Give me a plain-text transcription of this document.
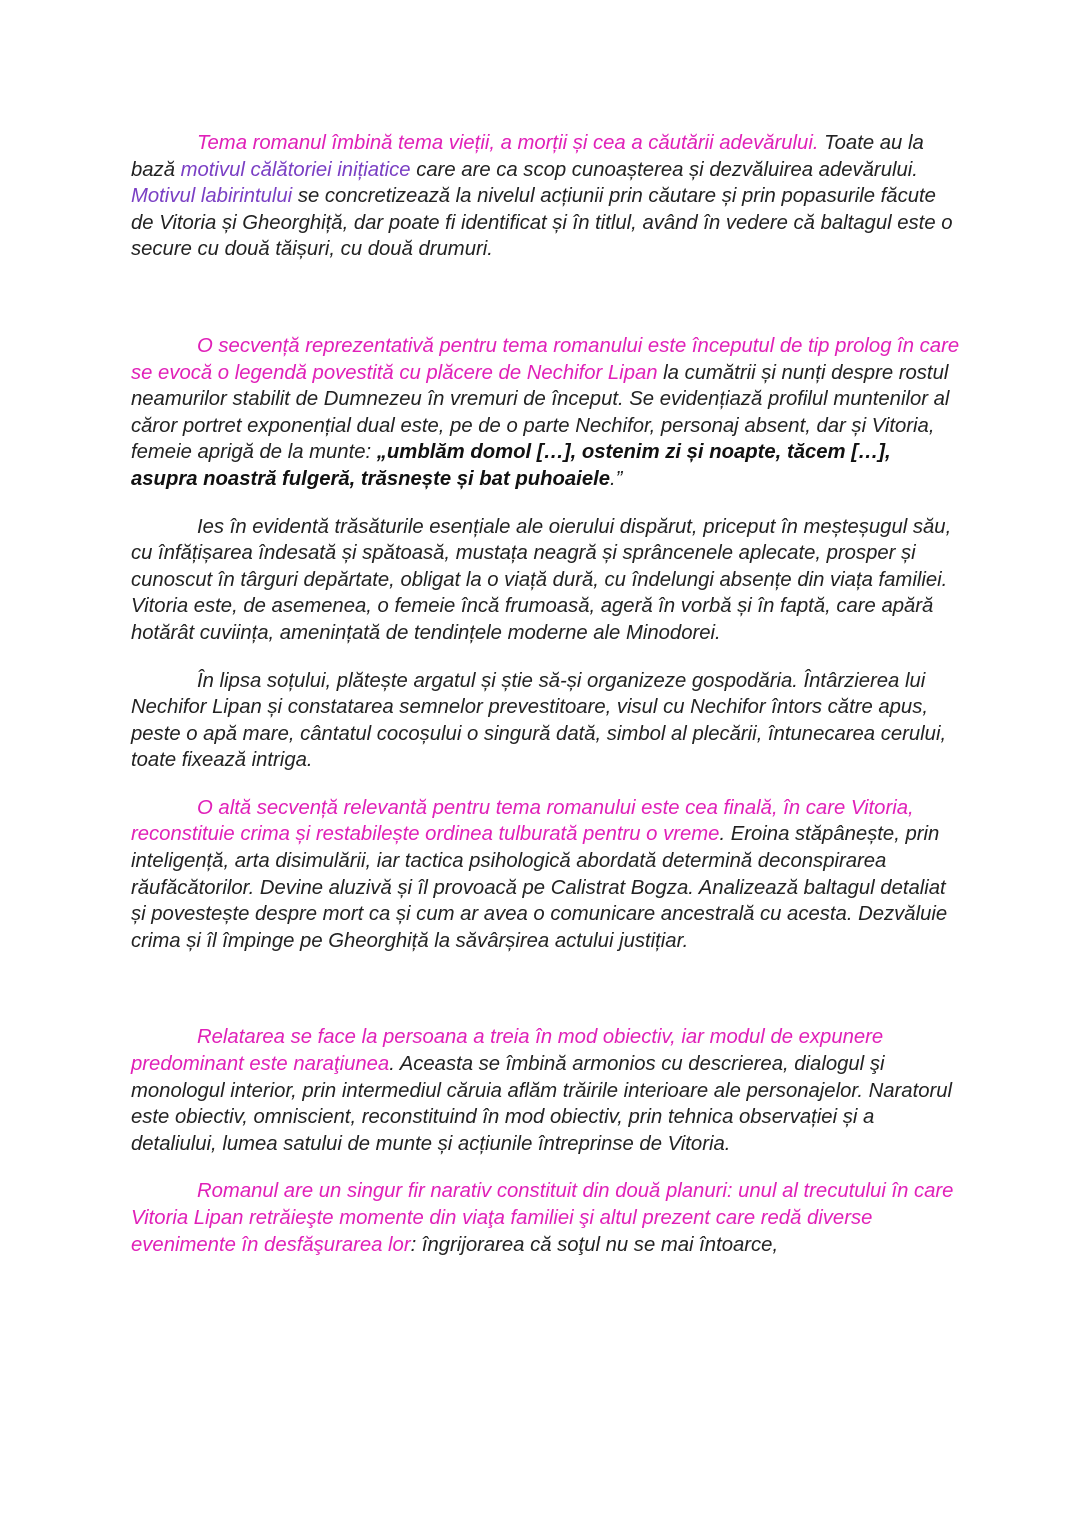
Tema romanul îmbină tema vieții, a morții și cea a căutării adevărului. Toate au la bază motivul călătoriei inițiatice care are ca scop cunoașterea și dezvăluirea adevărului. Motivul labirintului se concretizează la nivelul acțiunii prin căutare și prin popasurile făcute de Vitoria și Gheorghiță, dar poate fi identificat și în titlul, având în vedere că baltagul este o secure cu două tăișuri, cu două drumuri.

O secvență reprezentativă pentru tema romanului este începutul de tip prolog în care se evocă o legendă povestită cu plăcere de Nechifor Lipan la cumătrii și nunți despre rostul neamurilor stabilit de Dumnezeu în vremuri de început. Se evidențiază profilul muntenilor al căror portret exponențial dual este, pe de o parte Nechifor, personaj absent, dar și Vitoria, femeie aprigă de la munte: „umblăm domol […], ostenim zi și noapte, tăcem […], asupra noastră fulgeră, trăsnește și bat puhoaiele.”

Ies în evidentă trăsăturile esențiale ale oierului dispărut, priceput în meșteșugul său, cu înfățișarea îndesată și spătoasă, mustața neagră și sprâncenele aplecate, prosper și cunoscut în târguri depărtate, obligat la o viață dură, cu îndelungi absențe din viața familiei. Vitoria este, de asemenea, o femeie încă frumoasă, ageră în vorbă și în faptă, care apără hotărât cuviința, amenințată de tendințele moderne ale Minodorei.

În lipsa soțului, plătește argatul și știe să-și organizeze gospodăria. Întârzierea lui Nechifor Lipan și constatarea semnelor prevestitoare, visul cu Nechifor întors către apus, peste o apă mare, cântatul cocoșului o singură dată, simbol al plecării, întunecarea cerului, toate fixează intriga.

O altă secvență relevantă pentru tema romanului este cea finală, în care Vitoria, reconstituie crima și restabilește ordinea tulburată pentru o vreme. Eroina stăpânește, prin inteligență, arta disimulării, iar tactica psihologică abordată determină deconspirarea răufăcătorilor. Devine aluzivă și îl provoacă pe Calistrat Bogza. Analizează baltagul detaliat și povestește despre mort ca și cum ar avea o comunicare ancestrală cu acesta. Dezvăluie crima și îl împinge pe Gheorghiță la săvârșirea actului justițiar.

Relatarea se face la persoana a treia în mod obiectiv, iar modul de expunere predominant este naraţiunea. Aceasta se îmbină armonios cu descrierea, dialogul şi monologul interior, prin intermediul căruia aflăm trăirile interioare ale personajelor. Naratorul este obiectiv, omniscient, reconstituind în mod obiectiv, prin tehnica observației și a detaliului, lumea satului de munte și acțiunile întreprinse de Vitoria.

Romanul are un singur fir narativ constituit din două planuri: unul al trecutului în care Vitoria Lipan retrăieşte momente din viaţa familiei şi altul prezent care redă diverse evenimente în desfăşurarea lor: îngrijorarea că soţul nu se mai întoarce,
